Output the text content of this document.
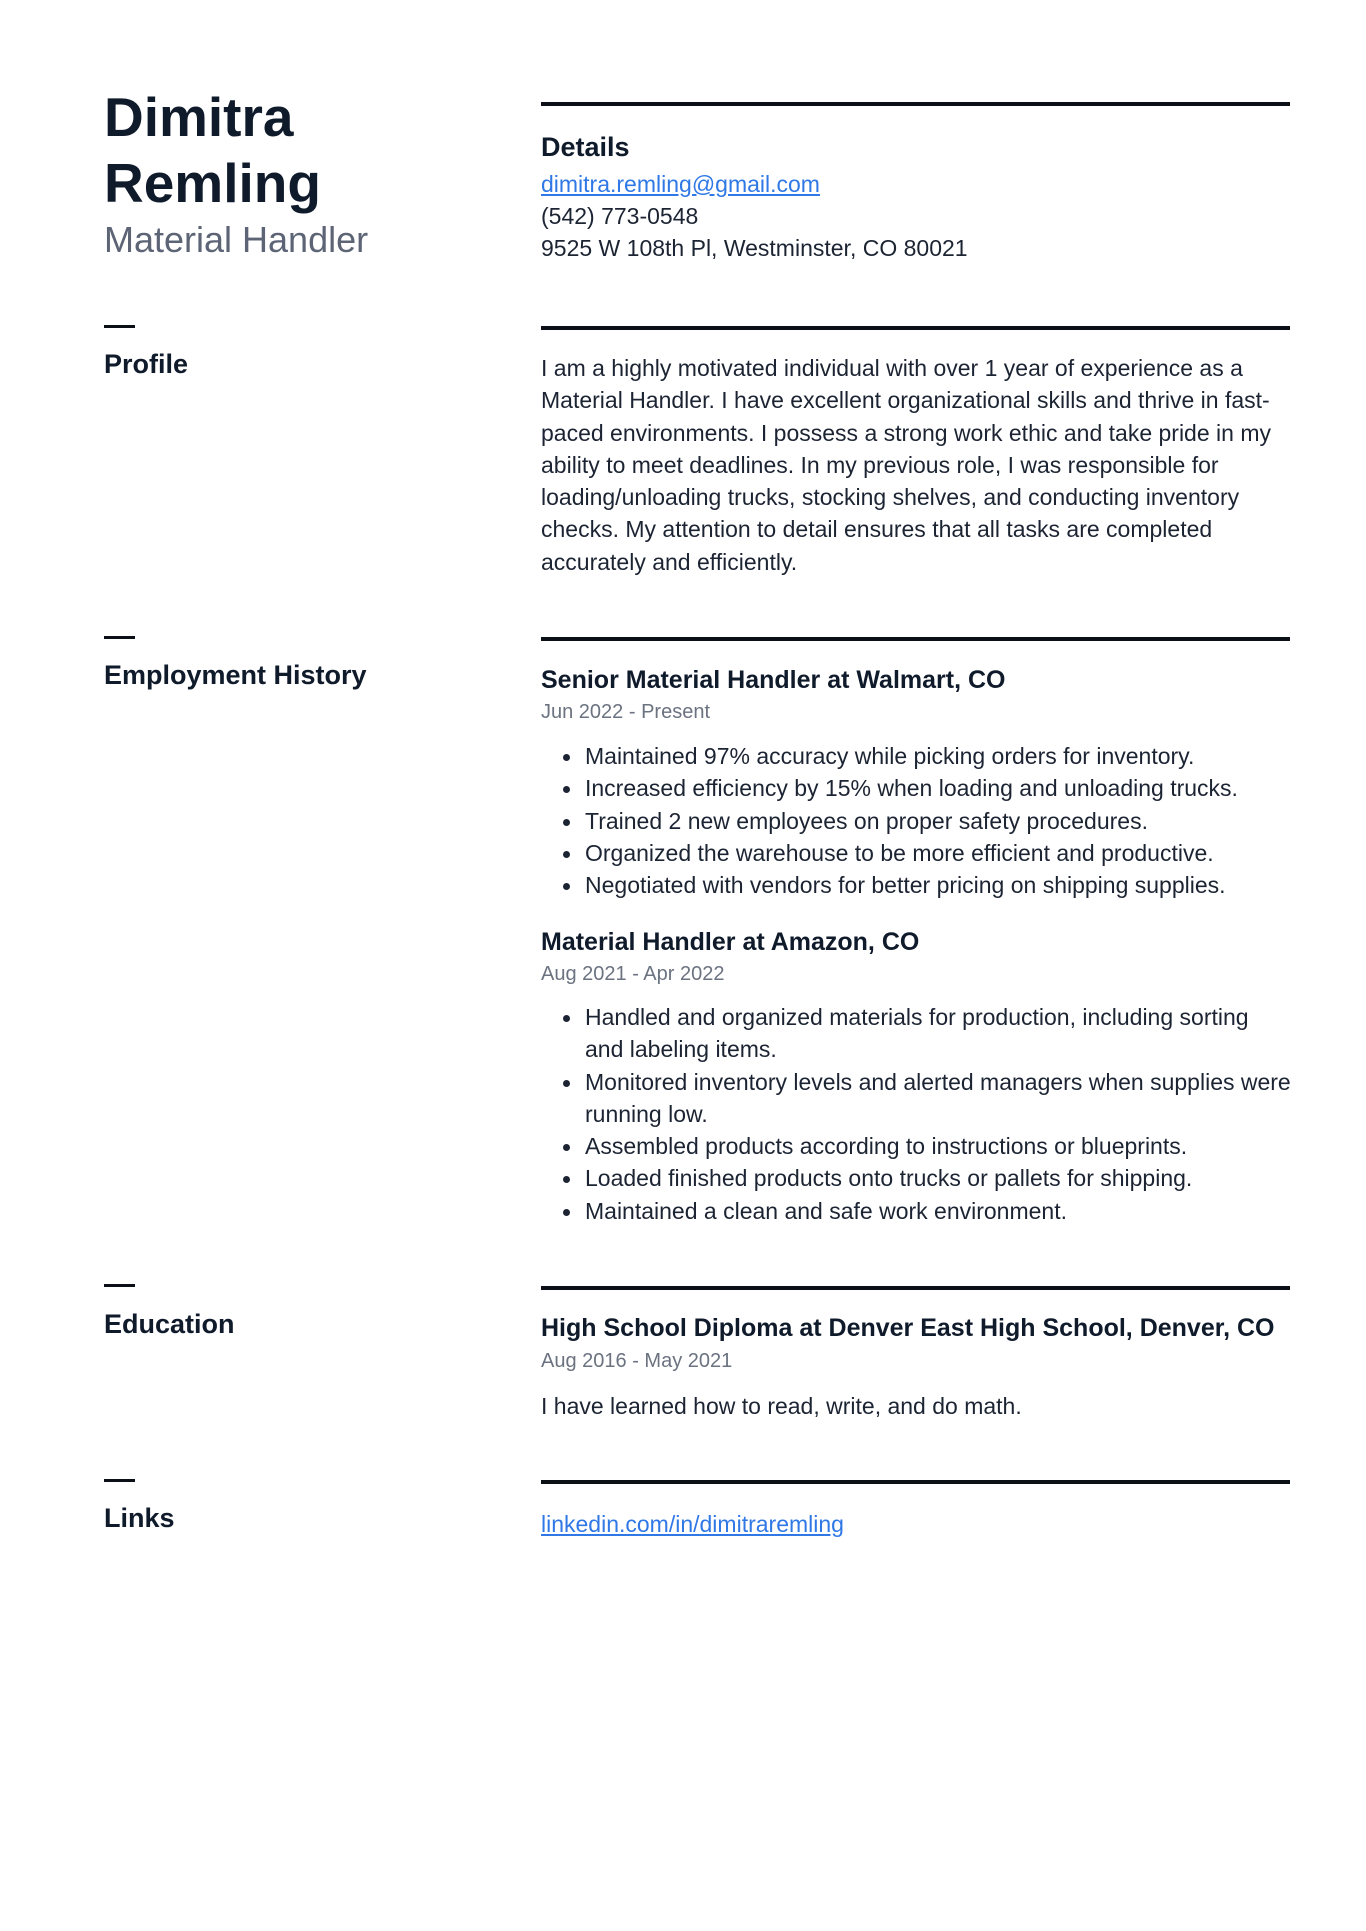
Dimitra
Remling
Material Handler
Details
dimitra.remling@gmail.com
(542) 773-0548
9525 W 108th Pl, Westminster, CO 80021
Profile	I am a highly motivated individual with over 1 year of experience as a Material Handler. I have excellent organizational skills and thrive in fast-paced environments. I possess a strong work ethic and take pride in my ability to meet deadlines. In my previous role, I was responsible for loading/unloading trucks, stocking shelves, and conducting inventory checks. My attention to detail ensures that all tasks are completed accurately and efficiently.
Employment History	Senior Material Handler at Walmart, CO
Jun 2022 - Present
Maintained 97% accuracy while picking orders for inventory.
Increased efficiency by 15% when loading and unloading trucks.
Trained 2 new employees on proper safety procedures.
Organized the warehouse to be more efficient and productive.
Negotiated with vendors for better pricing on shipping supplies.
Material Handler at Amazon, CO
Aug 2021 - Apr 2022
Handled and organized materials for production, including sorting and labeling items.
Monitored inventory levels and alerted managers when supplies were running low.
Assembled products according to instructions or blueprints.
Loaded finished products onto trucks or pallets for shipping.
Maintained a clean and safe work environment.
Education	High School Diploma at Denver East High School, Denver, CO
Aug 2016 - May 2021
I have learned how to read, write, and do math.
Links	linkedin.com/in/dimitraremling
